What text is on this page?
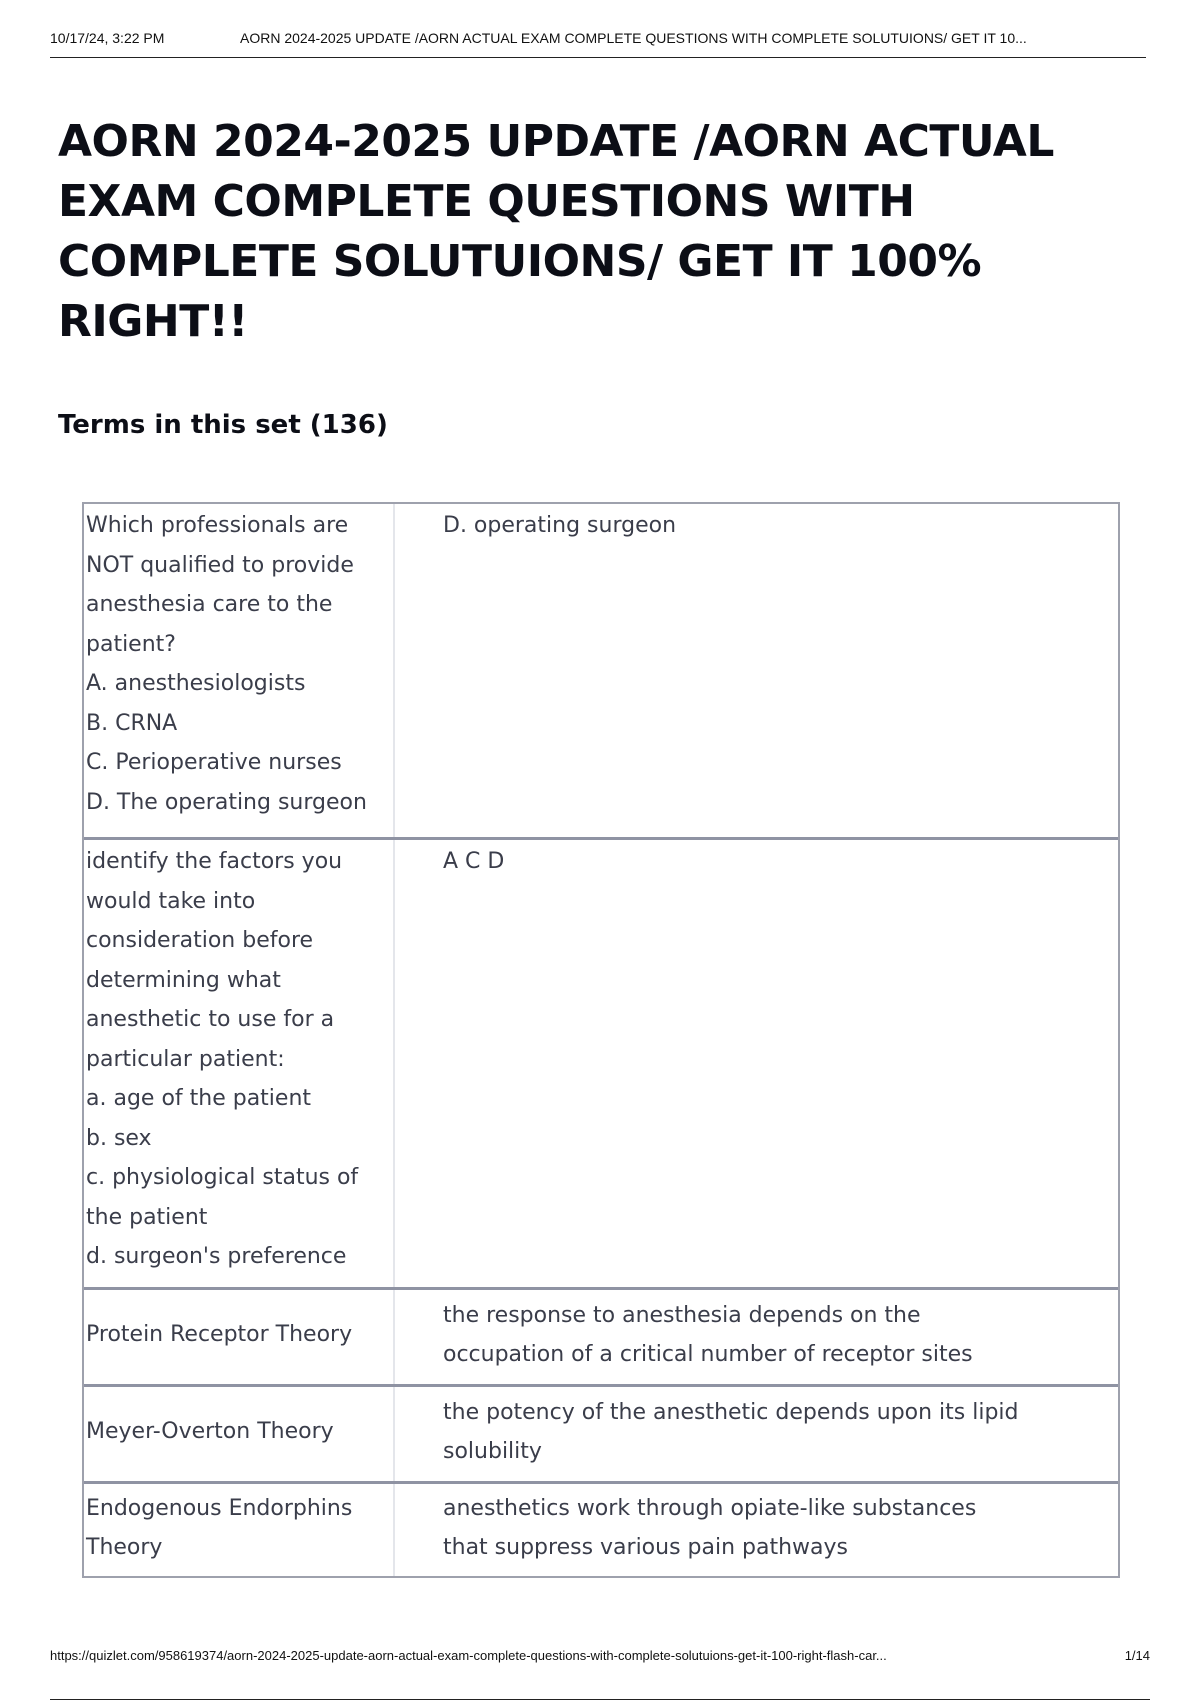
10/17/24, 3:22 PM	AORN 2024-2025 UPDATE /AORN ACTUAL EXAM COMPLETE QUESTIONS WITH COMPLETE SOLUTUIONS/ GET IT 10...
AORN 2024-2025 UPDATE /AORN ACTUAL EXAM COMPLETE QUESTIONS WITH COMPLETE SOLUTUIONS/ GET IT 100% RIGHT!!
Terms in this set (136)
Which professionals are
NOT qualified to provide
anesthesia care to the
patient?
A. anesthesiologists
B. CRNA
C. Perioperative nurses
D. The operating surgeon
D. operating surgeon
identify the factors you
would take into
consideration before
determining what
anesthetic to use for a
particular patient:
a. age of the patient
b. sex
c. physiological status of
the patient
d. surgeon's preference
A C D
Protein Receptor Theory
the response to anesthesia depends on the
occupation of a critical number of receptor sites
Meyer-Overton Theory
the potency of the anesthetic depends upon its lipid
solubility
Endogenous Endorphins
Theory
anesthetics work through opiate-like substances
that suppress various pain pathways
https://quizlet.com/958619374/aorn-2024-2025-update-aorn-actual-exam-complete-questions-with-complete-solutuions-get-it-100-right-flash-car...	1/14
